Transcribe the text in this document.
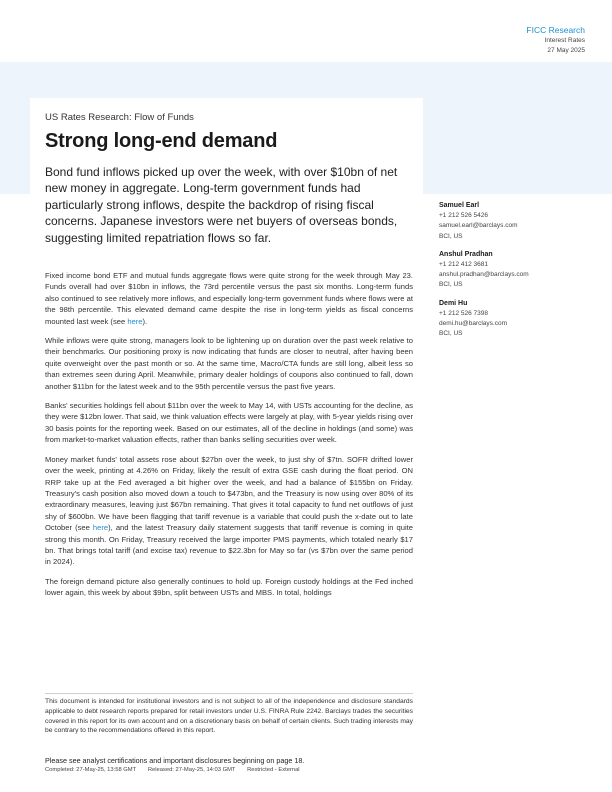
FICC Research
Interest Rates
27 May 2025
US Rates Research: Flow of Funds
Strong long-end demand
Bond fund inflows picked up over the week, with over $10bn of net new money in aggregate. Long-term government funds had particularly strong inflows, despite the backdrop of rising fiscal concerns. Japanese investors were net buyers of overseas bonds, suggesting limited repatriation flows so far.
Samuel Earl
+1 212 526 5426
samuel.earl@barclays.com
BCI, US
Anshul Pradhan
+1 212 412 3681
anshul.pradhan@barclays.com
BCI, US
Demi Hu
+1 212 526 7398
demi.hu@barclays.com
BCI, US

Fixed income bond ETF and mutual funds aggregate flows were quite strong for the week through May 23. Funds overall had over $10bn in inflows, the 73rd percentile versus the past six months. Long-term funds also continued to see relatively more inflows, and especially long-term government funds where flows were at the 98th percentile. This elevated demand came despite the rise in long-term yields as fiscal concerns mounted last week (see here).

While inflows were quite strong, managers look to be lightening up on duration over the past week relative to their benchmarks. Our positioning proxy is now indicating that funds are closer to neutral, after having been quite overweight over the past month or so. At the same time, Macro/CTA funds are still long, albeit less so than extremes seen during April. Meanwhile, primary dealer holdings of coupons also continued to fall, down another $11bn for the latest week and to the 95th percentile versus the past five years.

Banks' securities holdings fell about $11bn over the week to May 14, with USTs accounting for the decline, as they were $12bn lower. That said, we think valuation effects were largely at play, with 5-year yields rising over 30 basis points for the reporting week. Based on our estimates, all of the decline in holdings (and some) was from market-to-market valuation effects, rather than banks selling securities over week.

Money market funds' total assets rose about $27bn over the week, to just shy of $7tn. SOFR drifted lower over the week, printing at 4.26% on Friday, likely the result of extra GSE cash during the float period. ON RRP take up at the Fed averaged a bit higher over the week, and had a balance of $155bn on Friday. Treasury's cash position also moved down a touch to $473bn, and the Treasury is now using over 80% of its extraordinary measures, leaving just $67bn remaining. That gives it total capacity to fund net outflows of just shy of $600bn. We have been flagging that tariff revenue is a variable that could push the x-date out to late October (see here), and the latest Treasury daily statement suggests that tariff revenue is coming in quite strong this month. On Friday, Treasury received the large importer PMS payments, which totaled nearly $17 bn. That brings total tariff (and excise tax) revenue to $22.3bn for May so far (vs $7bn over the same period in 2024).

The foreign demand picture also generally continues to hold up. Foreign custody holdings at the Fed inched lower again, this week by about $9bn, split between USTs and MBS. In total, holdings

This document is intended for institutional investors and is not subject to all of the independence and disclosure standards applicable to debt research reports prepared for retail investors under U.S. FINRA Rule 2242. Barclays trades the securities covered in this report for its own account and on a discretionary basis on behalf of certain clients. Such trading interests may be contrary to the recommendations offered in this report.
Please see analyst certifications and important disclosures beginning on page 18.
Completed: 27-May-25, 13:58 GMT Released: 27-May-25, 14:03 GMT Restricted - External
